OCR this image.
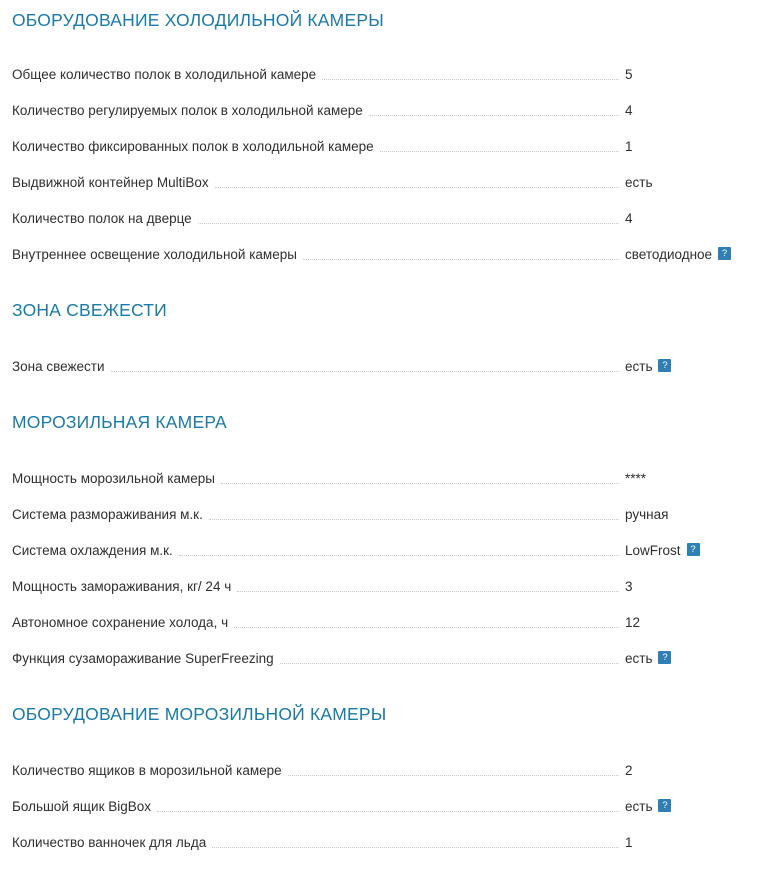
ОБОРУДОВАНИЕ ХОЛОДИЛЬНОЙ КАМЕРЫ
Общее количество полок в холодильной камере	5
Количество регулируемых полок в холодильной камере	4
Количество фиксированных полок в холодильной камере	1
Выдвижной контейнер MultiBox	есть
Количество полок на дверце	4
Внутреннее освещение холодильной камеры	светодиодное	?
ЗОНА СВЕЖЕСТИ
Зона свежести	есть	?
МОРОЗИЛЬНАЯ КАМЕРА
Мощность морозильной камеры	****
Система размораживания м.к.	ручная
Система охлаждения м.к.	LowFrost	?
Мощность замораживания, кг/ 24 ч	3
Автономное сохранение холода, ч	12
Функция сузамораживание SuperFreezing	есть	?
ОБОРУДОВАНИЕ МОРОЗИЛЬНОЙ КАМЕРЫ
Количество ящиков в морозильной камере	2
Большой ящик BigBox	есть	?
Количество ванночек для льда	1
